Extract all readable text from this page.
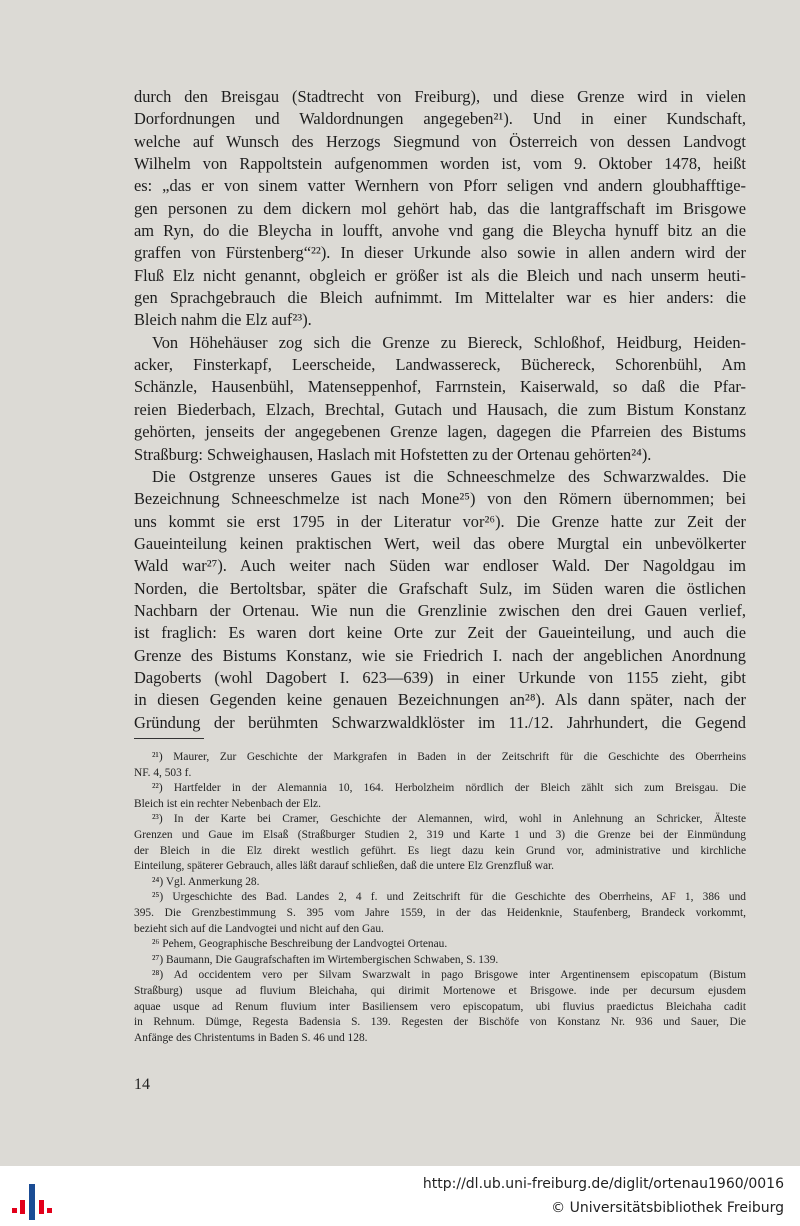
durch den Breisgau (Stadtrecht von Freiburg), und diese Grenze wird in vielen
Dorfordnungen und Waldordnungen angegeben²¹). Und in einer Kundschaft,
welche auf Wunsch des Herzogs Siegmund von Österreich von dessen Landvogt
Wilhelm von Rappoltstein aufgenommen worden ist, vom 9. Oktober 1478, heißt
es: „das er von sinem vatter Wernhern von Pforr seligen vnd andern gloubhafftige-
gen personen zu dem dickern mol gehört hab, das die lantgraffschaft im Brisgowe
am Ryn, do die Bleycha in loufft, anvohe vnd gang die Bleycha hynuff bitz an die
graffen von Fürstenberg“²²). In dieser Urkunde also sowie in allen andern wird der
Fluß Elz nicht genannt, obgleich er größer ist als die Bleich und nach unserm heuti-
gen Sprachgebrauch die Bleich aufnimmt. Im Mittelalter war es hier anders: die
Bleich nahm die Elz auf²³).
Von Höhehäuser zog sich die Grenze zu Biereck, Schloßhof, Heidburg, Heiden-
acker, Finsterkapf, Leerscheide, Landwassereck, Büchereck, Schorenbühl, Am
Schänzle, Hausenbühl, Matenseppenhof, Farrnstein, Kaiserwald, so daß die Pfar-
reien Biederbach, Elzach, Brechtal, Gutach und Hausach, die zum Bistum Konstanz
gehörten, jenseits der angegebenen Grenze lagen, dagegen die Pfarreien des Bistums
Straßburg: Schweighausen, Haslach mit Hofstetten zu der Ortenau gehörten²⁴).
Die Ostgrenze unseres Gaues ist die Schneeschmelze des Schwarzwaldes. Die
Bezeichnung Schneeschmelze ist nach Mone²⁵) von den Römern übernommen; bei
uns kommt sie erst 1795 in der Literatur vor²⁶). Die Grenze hatte zur Zeit der
Gaueinteilung keinen praktischen Wert, weil das obere Murgtal ein unbevölkerter
Wald war²⁷). Auch weiter nach Süden war endloser Wald. Der Nagoldgau im
Norden, die Bertoltsbar, später die Grafschaft Sulz, im Süden waren die östlichen
Nachbarn der Ortenau. Wie nun die Grenzlinie zwischen den drei Gauen verlief,
ist fraglich: Es waren dort keine Orte zur Zeit der Gaueinteilung, und auch die
Grenze des Bistums Konstanz, wie sie Friedrich I. nach der angeblichen Anordnung
Dagoberts (wohl Dagobert I. 623—639) in einer Urkunde von 1155 zieht, gibt
in diesen Gegenden keine genauen Bezeichnungen an²⁸). Als dann später, nach der
Gründung der berühmten Schwarzwaldklöster im 11./12. Jahrhundert, die Gegend
²¹) Maurer, Zur Geschichte der Markgrafen in Baden in der Zeitschrift für die Geschichte des Oberrheins
NF. 4, 503 f.
²²) Hartfelder in der Alemannia 10, 164. Herbolzheim nördlich der Bleich zählt sich zum Breisgau. Die
Bleich ist ein rechter Nebenbach der Elz.
²³) In der Karte bei Cramer, Geschichte der Alemannen, wird, wohl in Anlehnung an Schricker, Älteste
Grenzen und Gaue im Elsaß (Straßburger Studien 2, 319 und Karte 1 und 3) die Grenze bei der Einmündung
der Bleich in die Elz direkt westlich geführt. Es liegt dazu kein Grund vor, administrative und kirchliche
Einteilung, späterer Gebrauch, alles läßt darauf schließen, daß die untere Elz Grenzfluß war.
²⁴) Vgl. Anmerkung 28.
²⁵) Urgeschichte des Bad. Landes 2, 4 f. und Zeitschrift für die Geschichte des Oberrheins, AF 1, 386 und
395. Die Grenzbestimmung S. 395 vom Jahre 1559, in der das Heidenknie, Staufenberg, Brandeck vorkommt,
bezieht sich auf die Landvogtei und nicht auf den Gau.
²⁶ Pehem, Geographische Beschreibung der Landvogtei Ortenau.
²⁷) Baumann, Die Gaugrafschaften im Wirtembergischen Schwaben, S. 139.
²⁸) Ad occidentem vero per Silvam Swarzwalt in pago Brisgowe inter Argentinensem episcopatum (Bistum
Straßburg) usque ad fluvium Bleichaha, qui dirimit Mortenowe et Brisgowe. inde per decursum ejusdem
aquae usque ad Renum fluvium inter Basiliensem vero episcopatum, ubi fluvius praedictus Bleichaha cadit
in Rehnum. Dümge, Regesta Badensia S. 139. Regesten der Bischöfe von Konstanz Nr. 936 und Sauer, Die
Anfänge des Christentums in Baden S. 46 und 128.
14
http://dl.ub.uni-freiburg.de/diglit/ortenau1960/0016
© Universitätsbibliothek Freiburg
